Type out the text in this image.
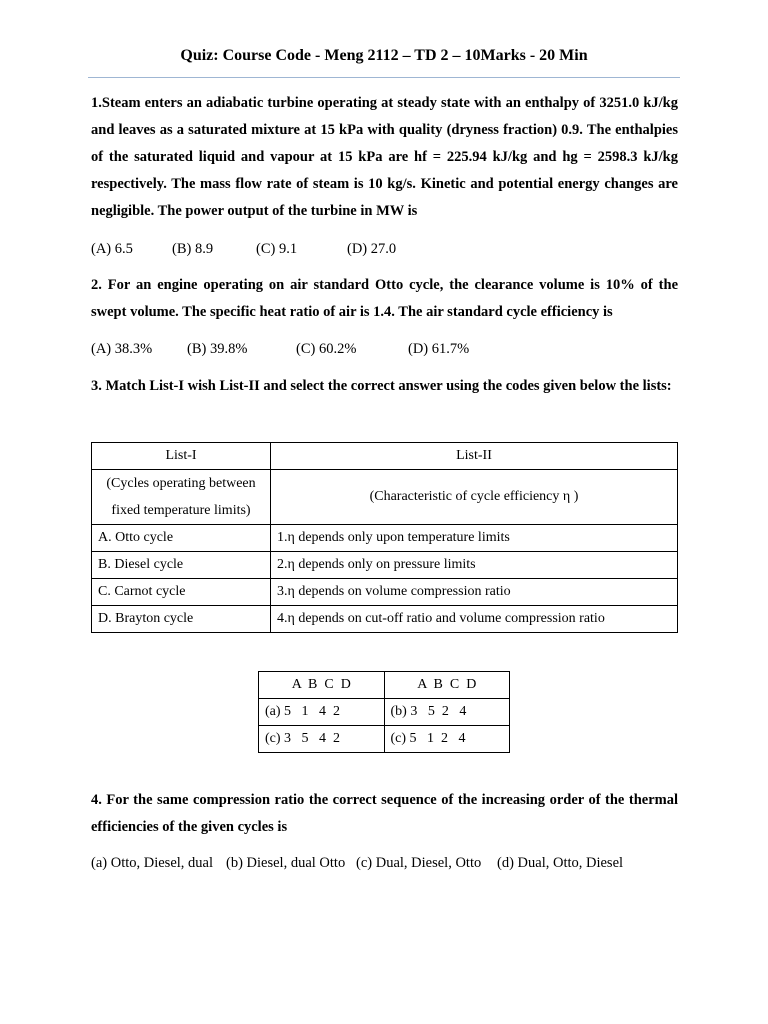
Quiz: Course Code - Meng 2112 – TD 2 – 10Marks - 20 Min
1.Steam enters an adiabatic turbine operating at steady state with an enthalpy of 3251.0 kJ/kg and leaves as a saturated mixture at 15 kPa with quality (dryness fraction) 0.9. The enthalpies of the saturated liquid and vapour at 15 kPa are hf = 225.94 kJ/kg and hg = 2598.3 kJ/kg respectively. The mass flow rate of steam is 10 kg/s. Kinetic and potential energy changes are negligible. The power output of the turbine in MW is
(A) 6.5	(B) 8.9	(C) 9.1	(D) 27.0
2. For an engine operating on air standard Otto cycle, the clearance volume is 10% of the swept volume. The specific heat ratio of air is 1.4. The air standard cycle efficiency is
(A) 38.3% (B) 39.8%	(C) 60.2%	(D) 61.7%
3. Match List-I wish List-II and select the correct answer using the codes given below the lists:
List-I	List-II
(Cycles operating between fixed temperature limits)	(Characteristic of cycle efficiency η )
A. Otto cycle	1.η depends only upon temperature limits
B. Diesel cycle	2.η depends only on pressure limits
C. Carnot cycle	3.η depends on volume compression ratio
D. Brayton cycle	4.η depends on cut-off ratio and volume compression ratio
A  B  C  D	A  B  C  D
(a) 5   1   4  2	(b) 3   5  2   4
(c) 3   5   4  2	(c) 5   1  2   4
4. For the same compression ratio the correct sequence of the increasing order of the thermal efficiencies of the given cycles is
(a) Otto, Diesel, dual (b) Diesel, dual Otto (c) Dual, Diesel, Otto (d) Dual, Otto, Diesel
